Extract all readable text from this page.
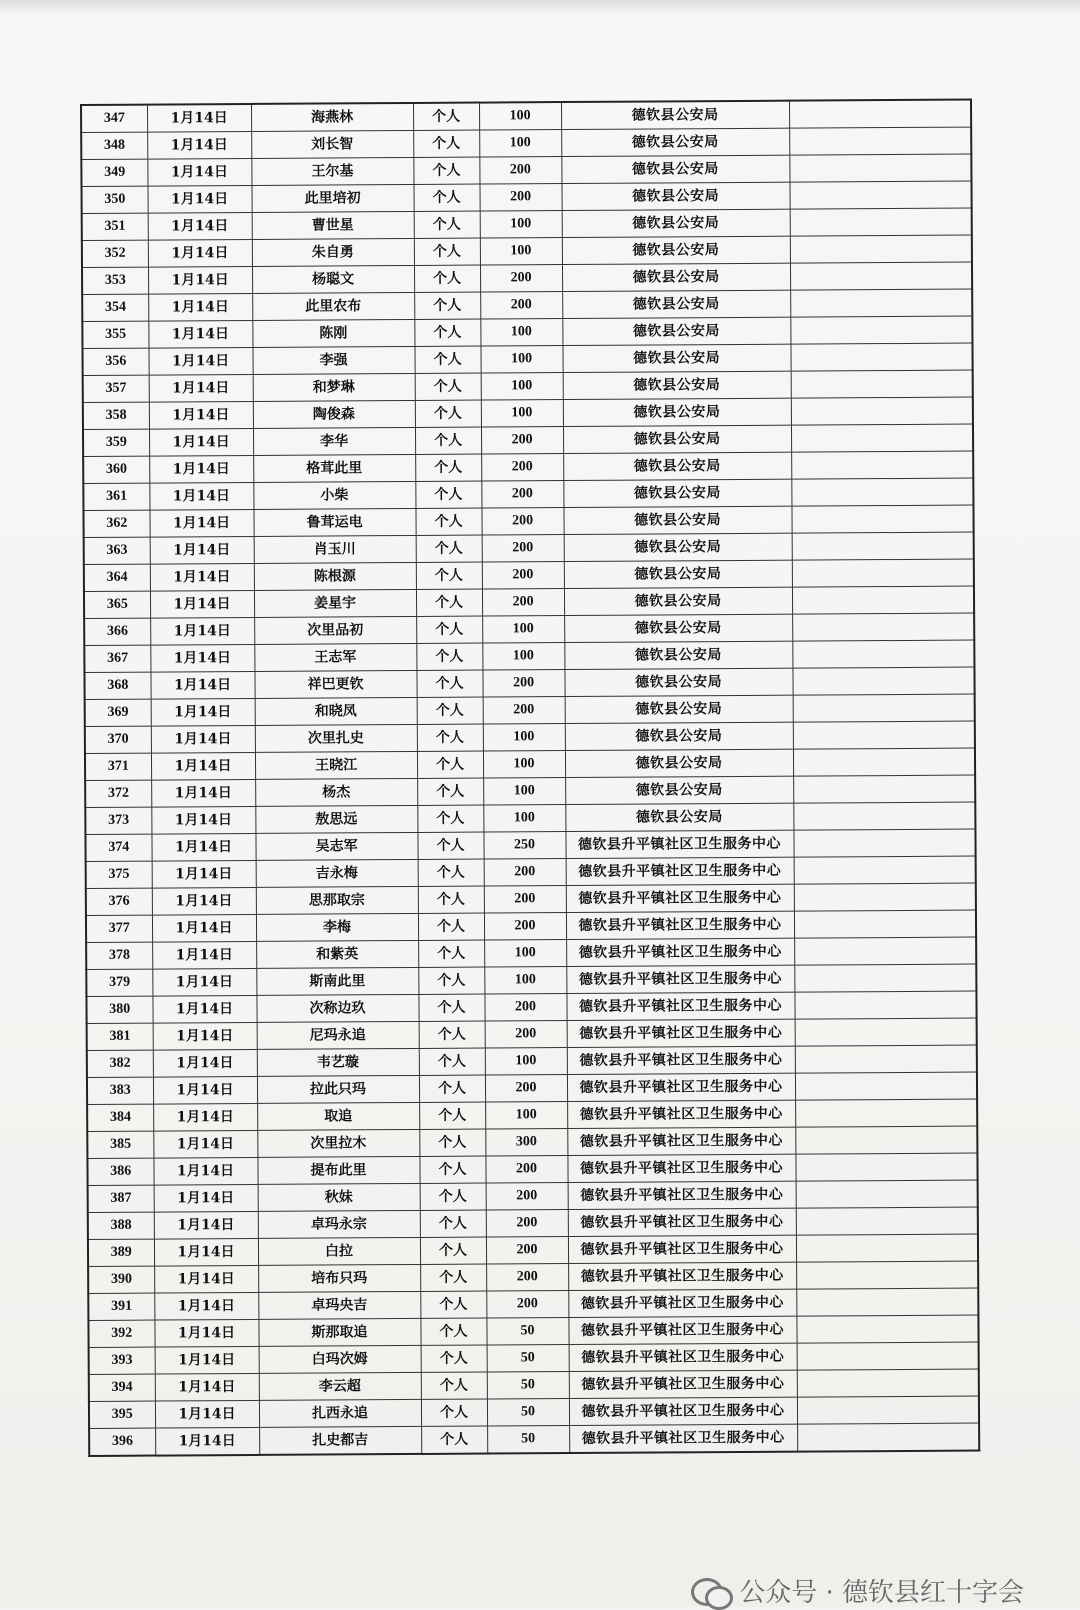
347	1月14日	海燕林	个人	100	德钦县公安局	
348	1月14日	刘长智	个人	100	德钦县公安局	
349	1月14日	王尔基	个人	200	德钦县公安局	
350	1月14日	此里培初	个人	200	德钦县公安局	
351	1月14日	曹世星	个人	100	德钦县公安局	
352	1月14日	朱自勇	个人	100	德钦县公安局	
353	1月14日	杨聪文	个人	200	德钦县公安局	
354	1月14日	此里农布	个人	200	德钦县公安局	
355	1月14日	陈刚	个人	100	德钦县公安局	
356	1月14日	李强	个人	100	德钦县公安局	
357	1月14日	和梦琳	个人	100	德钦县公安局	
358	1月14日	陶俊森	个人	100	德钦县公安局	
359	1月14日	李华	个人	200	德钦县公安局	
360	1月14日	格茸此里	个人	200	德钦县公安局	
361	1月14日	小柴	个人	200	德钦县公安局	
362	1月14日	鲁茸运电	个人	200	德钦县公安局	
363	1月14日	肖玉川	个人	200	德钦县公安局	
364	1月14日	陈根源	个人	200	德钦县公安局	
365	1月14日	姜星宇	个人	200	德钦县公安局	
366	1月14日	次里品初	个人	100	德钦县公安局	
367	1月14日	王志军	个人	100	德钦县公安局	
368	1月14日	祥巴更钦	个人	200	德钦县公安局	
369	1月14日	和晓凤	个人	200	德钦县公安局	
370	1月14日	次里扎史	个人	100	德钦县公安局	
371	1月14日	王晓江	个人	100	德钦县公安局	
372	1月14日	杨杰	个人	100	德钦县公安局	
373	1月14日	敖思远	个人	100	德钦县公安局	
374	1月14日	吴志军	个人	250	德钦县升平镇社区卫生服务中心	
375	1月14日	吉永梅	个人	200	德钦县升平镇社区卫生服务中心	
376	1月14日	思那取宗	个人	200	德钦县升平镇社区卫生服务中心	
377	1月14日	李梅	个人	200	德钦县升平镇社区卫生服务中心	
378	1月14日	和紫英	个人	100	德钦县升平镇社区卫生服务中心	
379	1月14日	斯南此里	个人	100	德钦县升平镇社区卫生服务中心	
380	1月14日	次称边玖	个人	200	德钦县升平镇社区卫生服务中心	
381	1月14日	尼玛永追	个人	200	德钦县升平镇社区卫生服务中心	
382	1月14日	韦艺璇	个人	100	德钦县升平镇社区卫生服务中心	
383	1月14日	拉此只玛	个人	200	德钦县升平镇社区卫生服务中心	
384	1月14日	取追	个人	100	德钦县升平镇社区卫生服务中心	
385	1月14日	次里拉木	个人	300	德钦县升平镇社区卫生服务中心	
386	1月14日	提布此里	个人	200	德钦县升平镇社区卫生服务中心	
387	1月14日	秋妹	个人	200	德钦县升平镇社区卫生服务中心	
388	1月14日	卓玛永宗	个人	200	德钦县升平镇社区卫生服务中心	
389	1月14日	白拉	个人	200	德钦县升平镇社区卫生服务中心	
390	1月14日	培布只玛	个人	200	德钦县升平镇社区卫生服务中心	
391	1月14日	卓玛央吉	个人	200	德钦县升平镇社区卫生服务中心	
392	1月14日	斯那取追	个人	50	德钦县升平镇社区卫生服务中心	
393	1月14日	白玛次姆	个人	50	德钦县升平镇社区卫生服务中心	
394	1月14日	李云超	个人	50	德钦县升平镇社区卫生服务中心	
395	1月14日	扎西永追	个人	50	德钦县升平镇社区卫生服务中心	
396	1月14日	扎史都吉	个人	50	德钦县升平镇社区卫生服务中心	
公众号 · 德钦县红十字会
